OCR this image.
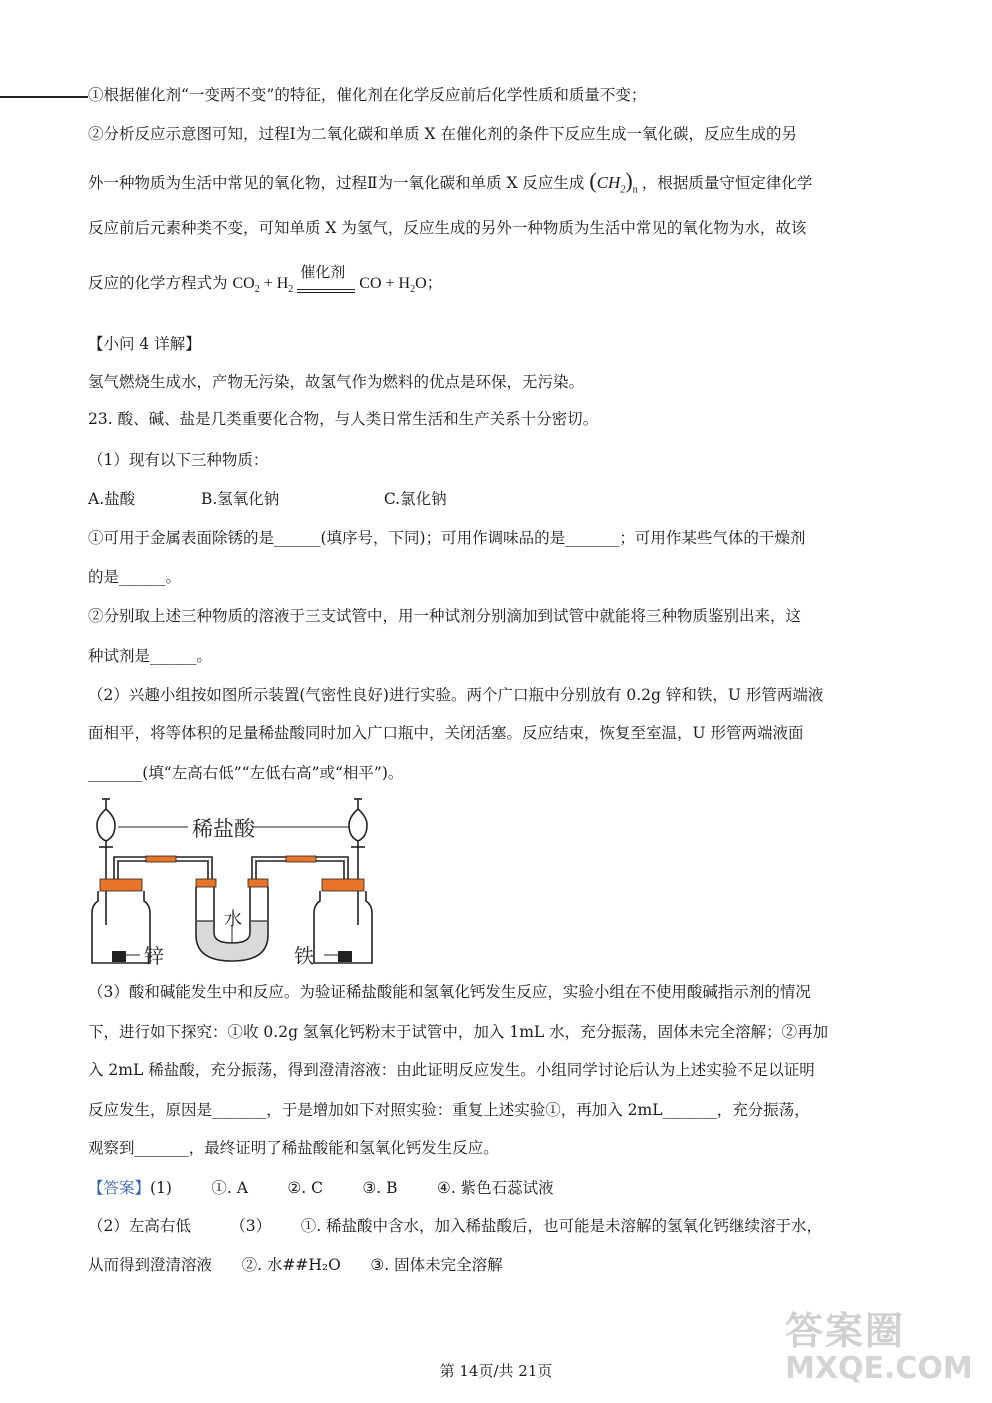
①根据催化剂“一变两不变”的特征，催化剂在化学反应前后化学性质和质量不变；
②分析反应示意图可知，过程Ⅰ为二氧化碳和单质 X 在催化剂的条件下反应生成一氧化碳，反应生成的另
外一种物质为生活中常见的氧化物，过程Ⅱ为一氧化碳和单质 X 反应生成 $(CH_2)_n$ ，根据质量守恒定律化学
反应前后元素种类不变，可知单质 X 为氢气，反应生成的另外一种物质为生活中常见的氧化物为水，故该
反应的化学方程式为 $CO_2 + H_2$
催化剂
CO + $H_2O$；
【小问 4 详解】
氢气燃烧生成水，产物无污染，故氢气作为燃料的优点是环保，无污染。
23. 酸、碱、盐是几类重要化合物，与人类日常生活和生产关系十分密切。
（1）现有以下三种物质：
A.盐酸	B.氢氧化钠	C.氯化钠
①可用于金属表面除锈的是______(填序号，下同)；可用作调味品的是_______；可用作某些气体的干燥剂
的是______。
②分别取上述三种物质的溶液于三支试管中，用一种试剂分别滴加到试管中就能将三种物质鉴别出来，这
种试剂是______。
（2）兴趣小组按如图所示装置(气密性良好)进行实验。两个广口瓶中分别放有 0.2g 锌和铁，U 形管两端液
面相平，将等体积的足量稀盐酸同时加入广口瓶中，关闭活塞。反应结束，恢复至室温，U 形管两端液面
_______(填“左高右低”“左低右高”或“相平”)。
稀盐酸
水
锌	铁
（3）酸和碱能发生中和反应。为验证稀盐酸能和氢氧化钙发生反应，实验小组在不使用酸碱指示剂的情况
下，进行如下探究：①收 0.2g 氢氧化钙粉末于试管中，加入 1mL 水，充分振荡，固体未完全溶解；②再加
入 2mL 稀盐酸，充分振荡，得到澄清溶液：由此证明反应发生。小组同学讨论后认为上述实验不足以证明
反应发生，原因是_______，于是增加如下对照实验：重复上述实验①，再加入 2mL_______，充分振荡，
观察到_______，最终证明了稀盐酸能和氢氧化钙发生反应。
【答案】(1)        ①. A        ②. C        ③. B        ④. 紫色石蕊试液
（2）左高右低        （3）      ①. 稀盐酸中含水，加入稀盐酸后，也可能是未溶解的氢氧化钙继续溶于水，
从而得到澄清溶液      ②. 水##H₂O      ③. 固体未完全溶解
答案圈
MXQE.COM
第 14页/共 21页
